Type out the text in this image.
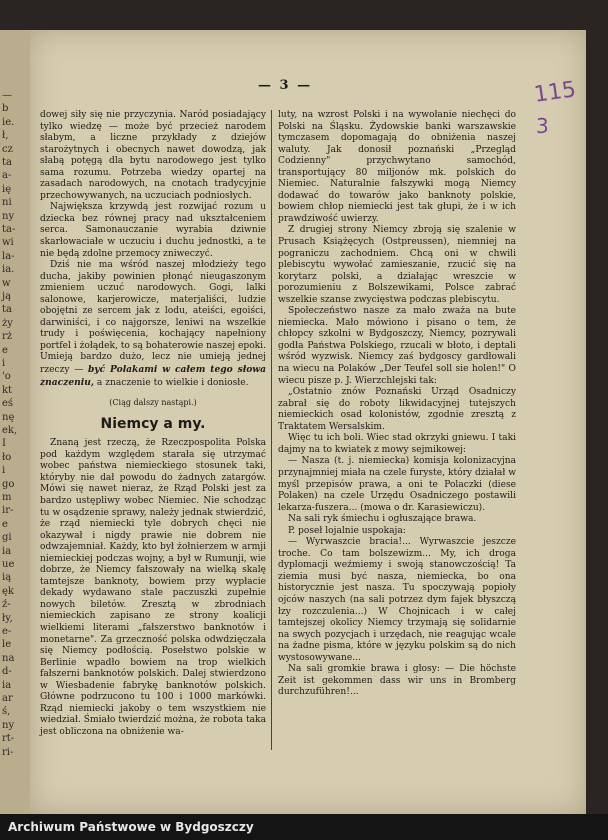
—
b
ie.
ł,
cz
ta
a-
ię
ni
ny
ta-
wi
la-
ia.
w
ją
ta
ży
rż
e
i
'o
kt
eś
nę
ek,
I
ło
i
go
m
ir-
e
gi
ia
ue
ią
ęk
ź-
ły,
e-
le
na
d-
ia
ar
ś,
ny
rt-
ri-
— 3 —	115
3

dowej siły się nie przyczynia. Naród posiadający tylko wiedzę — może być przecież narodem słabym, a liczne przykłady z dziejów starożytnych i obecnych nawet dowodzą, jak słabą potęgą dla bytu narodowego jest tylko sama rozumu. Potrzeba wiedzy opartej na zasadach narodowych, na cnotach tradycyjnie przechowywanych, na uczuciach podniosłych.

Największa krzywdą jest rozwijać rozum u dziecka bez równej pracy nad ukształceniem serca. Samonauczanie wyrabia dziwnie skarłowaciałe w uczuciu i duchu jednostki, a te nie będą zdolne przemocy zniweczyć.

Dziś nie ma wśród naszej młodzieży tego ducha, jakiby powinien płonąć nieugaszonym zmieniem uczuć narodowych. Gogi, lalki salonowe, karjerowicze, materjaliści, ludzie obojętni ze sercem jak z lodu, ateiści, egoiści, darwiniści, i co najgorsze, leniwi na wszelkie trudy i poświęcenia, kochający napełniony portfel i żołądek, to są bohaterowie naszej epoki. Umieją bardzo dużo, lecz nie umieją jednej rzeczy — być Polakami w całem tego słowa znaczeniu, a znaczenie to wielkie i doniosłe.

(Ciąg dalszy nastąpi.)
Niemcy a my.

Znaną jest rzeczą, że Rzeczpospolita Polska pod każdym względem starała się utrzymać wobec państwa niemieckiego stosunek taki, któryby nie dał powodu do żadnych zatargów. Mówi się nawet nieraz, że Rząd Polski jest za bardzo ustępliwy wobec Niemiec. Nie schodząc tu w osądzenie sprawy, należy jednak stwierdzić, że rząd niemiecki tyle dobrych chęci nie okazywał i nigdy prawie nie dobrem nie odwzajemniał. Każdy, kto był żołnierzem w armji niemieckiej podczas wojny, a był w Rumunji, wie dobrze, że Niemcy fałszowały na wielką skalę tamtejsze banknoty, bowiem przy wypłacie dekady wydawano stale paczuszki zupełnie nowych biletów. Zresztą w zbrodniach niemieckich zapisano ze strony koalicji wielkiemi literami „fałszerstwo banknotów i monetarne". Za grzeczność polska odwdzięczała się Niemcy podłością. Posełstwo polskie w Berlinie wpadło bowiem na trop wielkich fałszerni banknotów polskich. Dalej stwierdzono w Wiesbadenie fabrykę banknotów polskich. Główne podrzucono tu 100 i 1000 markówki. Rząd niemiecki jakoby o tem wszystkiem nie wiedział. Śmiało twierdzić można, że robota taka jest obliczona na obniżenie wa-

luty, na wzrost Polski i na wywołanie niechęci do Polski na Śląsku. Żydowskie banki warszawskie tymczasem dopomagają do obniżenia naszej waluty. Jak donosił poznański „Przegląd Codzienny" przychwytano samochód, transportujący 80 miljonów mk. polskich do Niemiec. Naturalnie fałszywki mogą Niemcy dodawać do towarów jako banknoty polskie, bowiem chłop niemiecki jest tak głupi, że i w ich prawdziwość uwierzy.

Z drugiej strony Niemcy zbroją się szalenie w Prusach Książęcych (Ostpreussen), niemniej na pograniczu zachodniem. Chcą oni w chwili plebiscytu wywołać zamieszanie, rzucić się na korytarz polski, a działając wreszcie w porozumieniu z Bolszewikami, Polsce zabrać wszelkie szanse zwycięstwa podczas plebiscytu.

Społeczeństwo nasze za mało zważa na bute niemiecka. Mało mówiono i pisano o tem, że chłopcy szkolni w Bydgoszczy, Niemcy, pozrywali godła Państwa Polskiego, rzucali w błoto, i deptali wśród wyzwisk. Niemcy zaś bydgoscy gardłowali na wiecu na Polaków „Der Teufel soll sie holen!" O wiecu pisze p. J. Wierzchlejski tak:

„Ostatnio znów Poznański Urząd Osadniczy zabrał się do roboty likwidacyjnej tutejszych niemieckich osad kolonistów, zgodnie zresztą z Traktatem Wersalskim.

Więc tu ich boli. Wiec stad okrzyki gniewu. I taki dajmy na to kwiatek z mowy sejmikowej:

— Nasza (t. j. niemiecka) komisja kolonizacyjna przynajmniej miała na czele furyste, który działał w myśl przepisów prawa, a oni te Polaczki (diese Polaken) na czele Urzędu Osadniczego postawili lekarza-fuszera... (mowa o dr. Karasiewiczu).

Na sali ryk śmiechu i ogłuszające brawa.

P. poseł lojalnie uspokaja:

— Wyrwaszcie bracia!... Wyrwaszcie jeszcze troche. Co tam bolszewizm... My, ich droga dyplomacji weźmiemy i swoją stanowczością! Ta ziemia musi być nasza, niemiecka, bo ona historycznie jest nasza. Tu spoczywają popioły ojców naszych (na sali potrzez dym fajek błyszczą łzy rozczulenia...) W Chojnicach i w całej tamtejszej okolicy Niemcy trzymają się solidarnie na swych pozycjach i urzędach, nie reagując wcale na żadne pisma, które w języku polskim są do nich wystosowywane...

Na sali gromkie brawa i głosy: — Die höchste Zeit ist gekommen dass wir uns in Bromberg durchzuführen!...

Archiwum Państwowe w Bydgoszczy
